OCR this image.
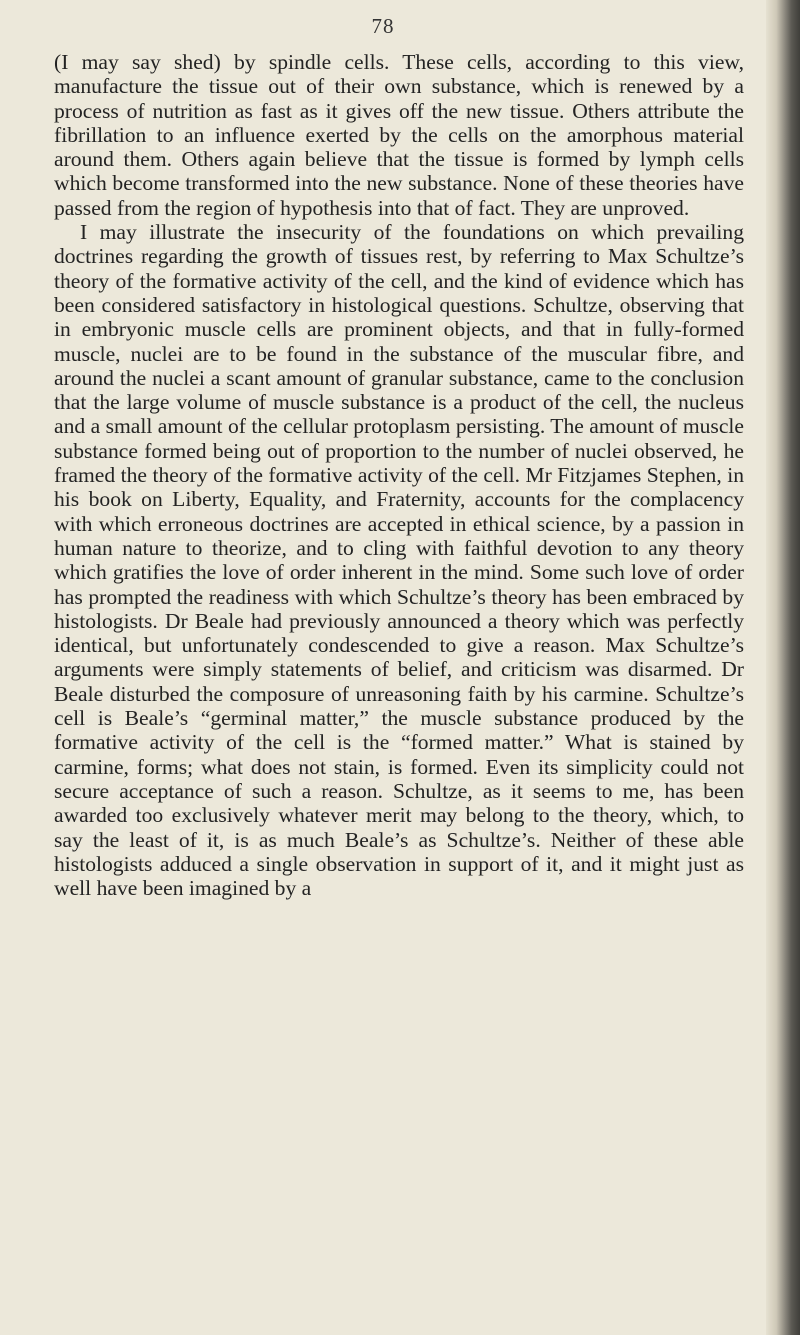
78

(I may say shed) by spindle cells. These cells, according to this view, manufacture the tissue out of their own substance, which is renewed by a process of nutrition as fast as it gives off the new tissue. Others attribute the fibrillation to an influence exerted by the cells on the amorphous material around them. Others again believe that the tissue is formed by lymph cells which become transformed into the new substance. None of these theories have passed from the region of hypothesis into that of fact. They are unproved.

I may illustrate the insecurity of the foundations on which prevailing doctrines regarding the growth of tissues rest, by referring to Max Schultze’s theory of the formative activity of the cell, and the kind of evidence which has been considered satisfactory in histological questions. Schultze, observing that in embryonic muscle cells are prominent objects, and that in fully-formed muscle, nuclei are to be found in the substance of the muscular fibre, and around the nuclei a scant amount of granular substance, came to the conclusion that the large volume of muscle substance is a product of the cell, the nucleus and a small amount of the cellular protoplasm persisting. The amount of muscle substance formed being out of proportion to the number of nuclei observed, he framed the theory of the formative activity of the cell. Mr Fitzjames Stephen, in his book on Liberty, Equality, and Fraternity, accounts for the complacency with which erroneous doctrines are accepted in ethical science, by a passion in human nature to theorize, and to cling with faithful devotion to any theory which gratifies the love of order inherent in the mind. Some such love of order has prompted the readiness with which Schultze’s theory has been embraced by histologists. Dr Beale had previously announced a theory which was perfectly identical, but unfortunately condescended to give a reason. Max Schultze’s arguments were simply statements of belief, and criticism was disarmed. Dr Beale disturbed the composure of unreasoning faith by his carmine. Schultze’s cell is Beale’s “germinal matter,” the muscle substance produced by the formative activity of the cell is the “formed matter.” What is stained by carmine, forms; what does not stain, is formed. Even its simplicity could not secure acceptance of such a reason. Schultze, as it seems to me, has been awarded too exclusively whatever merit may belong to the theory, which, to say the least of it, is as much Beale’s as Schultze’s. Neither of these able histologists adduced a single observation in support of it, and it might just as well have been imagined by a
